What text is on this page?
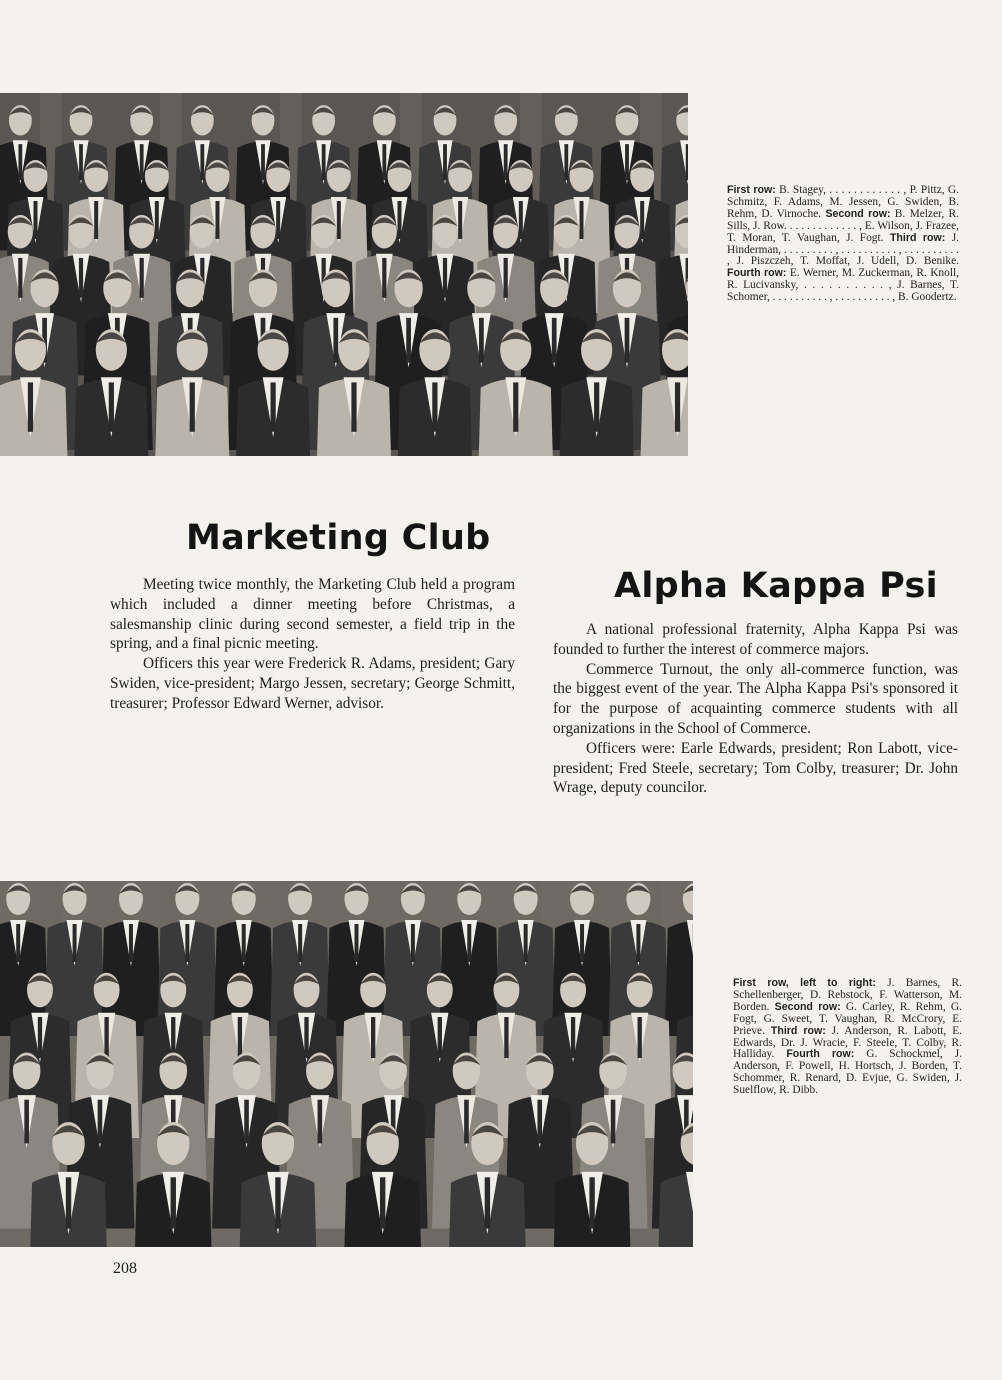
First row: B. Stagey, . . . . . . . . . . . . , P. Pittz, G. Schmitz, F. Adams, M. Jessen, G. Swiden, B. Rehm, D. Virnoche. Second row: B. Melzer, R. Sills, J. Row. . . . . . . . . . . . . , E. Wilson, J. Frazee, T. Moran, T. Vaughan, J. Fogt. Third row: J. Hinderman, . . . . . . . . . , . . . . . . . . . . , . . . . . . . . . . , J. Piszczeh, T. Moffat, J. Udell, D. Benike. Fourth row: E. Werner, M. Zuckerman, R. Knoll, R. Lucivansky, . . . . . . . . . . , J. Barnes, T. Schomer, . . . . . . . . . . , . . . . . . . . . . , B. Goodertz.

Marketing Club

Meeting twice monthly, the Marketing Club held a program which included a dinner meeting before Christmas, a salesmanship clinic during second semester, a field trip in the spring, and a final picnic meeting.

Officers this year were Frederick R. Adams, president; Gary Swiden, vice-president; Margo Jessen, secretary; George Schmitt, treasurer; Professor Edward Werner, advisor.

Alpha Kappa Psi

A national professional fraternity, Alpha Kappa Psi was founded to further the interest of commerce majors.

Commerce Turnout, the only all-commerce function, was the biggest event of the year. The Alpha Kappa Psi's sponsored it for the purpose of acquainting commerce students with all organizations in the School of Commerce.

Officers were: Earle Edwards, president; Ron Labott, vice-president; Fred Steele, secretary; Tom Colby, treasurer; Dr. John Wrage, deputy councilor.

First row, left to right: J. Barnes, R. Schellenberger, D. Rebstock, F. Watterson, M. Borden. Second row: G. Carley, R. Rehm, G. Fogt, G. Sweet, T. Vaughan, R. McCrory, E. Prieve. Third row: J. Anderson, R. Labott, E. Edwards, Dr. J. Wracie, F. Steele, T. Colby, R. Halliday. Fourth row: G. Schockmel, J. Anderson, F. Powell, H. Hortsch, J. Borden, T. Schommer, R. Renard, D. Evjue, G. Swiden, J. Suelflow, R. Dibb.
208
